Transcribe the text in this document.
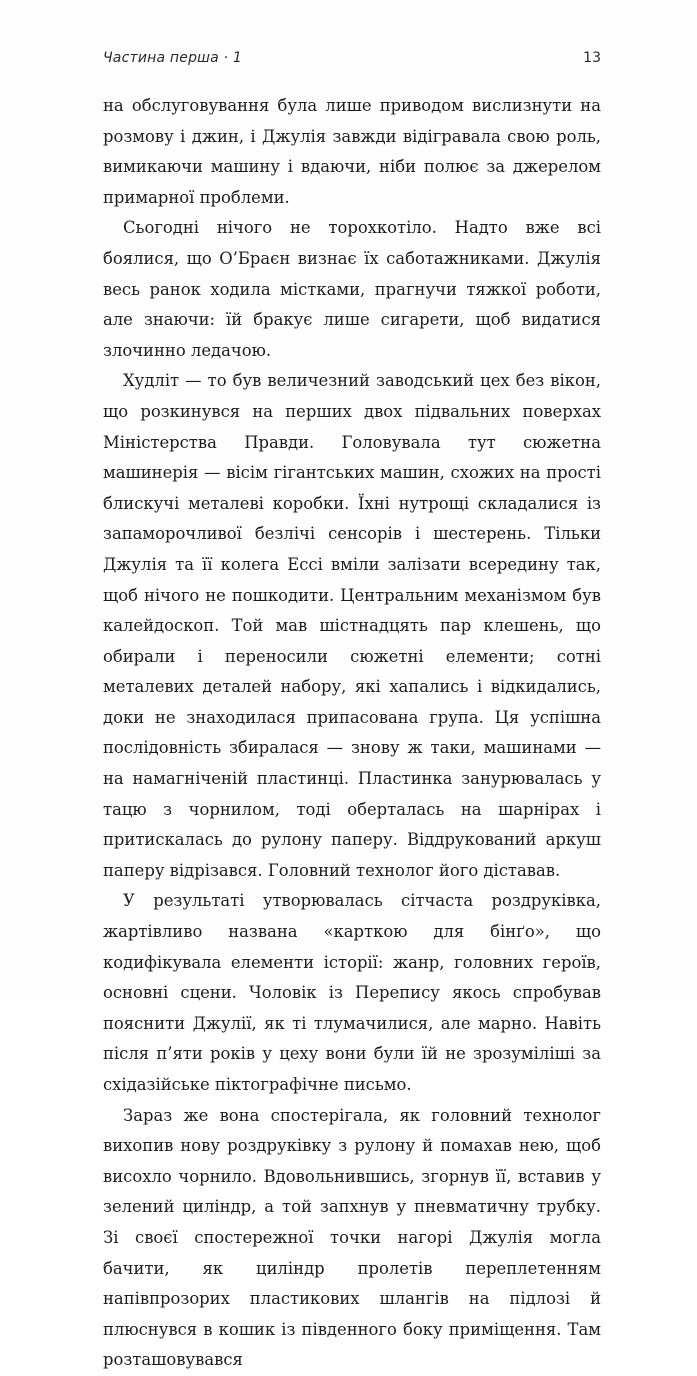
Частина перша · 1	13

на обслуговування була лише приводом вислизнути на розмову і джин, і Джулія завжди відігравала свою роль, вимикаючи машину і вдаючи, ніби полює за джерелом примарної проблеми.

Сьогодні нічого не торохкотіло. Надто вже всі боялися, що О’Браєн визнає їх саботажниками. Джулія весь ранок ходила містками, прагнучи тяжкої роботи, але знаючи: їй бракує лише сигарети, щоб видатися злочинно ледачою.

Худліт — то був величезний заводський цех без вікон, що розкинувся на перших двох підвальних поверхах Міністерства Правди. Головувала тут сюжетна машинерія — вісім гігантських машин, схожих на прості блискучі металеві коробки. Їхні нутрощі складалися із запаморочливої безлічі сенсорів і шестерень. Тільки Джулія та її колега Ессі вміли залізати всередину так, щоб нічого не пошкодити. Центральним механізмом був калейдоскоп. Той мав шістнадцять пар клешень, що обирали і переносили сюжетні елементи; сотні металевих деталей набору, які хапались і відкидались, доки не знаходилася припасована група. Ця успішна послідовність збиралася — знову ж таки, машинами — на намагніченій пластинці. Пластинка занурювалась у тацю з чорнилом, тоді обертaлась на шарнірах і притискалась до рулону паперу. Віддрукований аркуш паперу відрізався. Головний технолог його діставав.

У результаті утворювалась сітчаста роздруківка, жартівливо названа «карткою для бінґо», що кодифікувала елементи історії: жанр, головних героїв, основні сцени. Чоловік із Перепису якось спробував пояснити Джулії, як ті тлумачилися, але марно. Навіть після п’яти років у цеху вони були їй не зрозуміліші за східазійське піктографічне письмо.

Зараз же вона спостерігала, як головний технолог вихопив нову роздруківку з рулону й помахав нею, щоб висохло чорнило. Вдовольнившись, згорнув її, вставив у зелений циліндр, а той запхнув у пневматичну трубку. Зі своєї спостережної точки нагорі Джулія могла бачити, як циліндр пролетів переплетенням напівпрозорих пластикових шлангів на підлозі й плюснувся в кошик із південного боку приміщення. Там розташовувався
